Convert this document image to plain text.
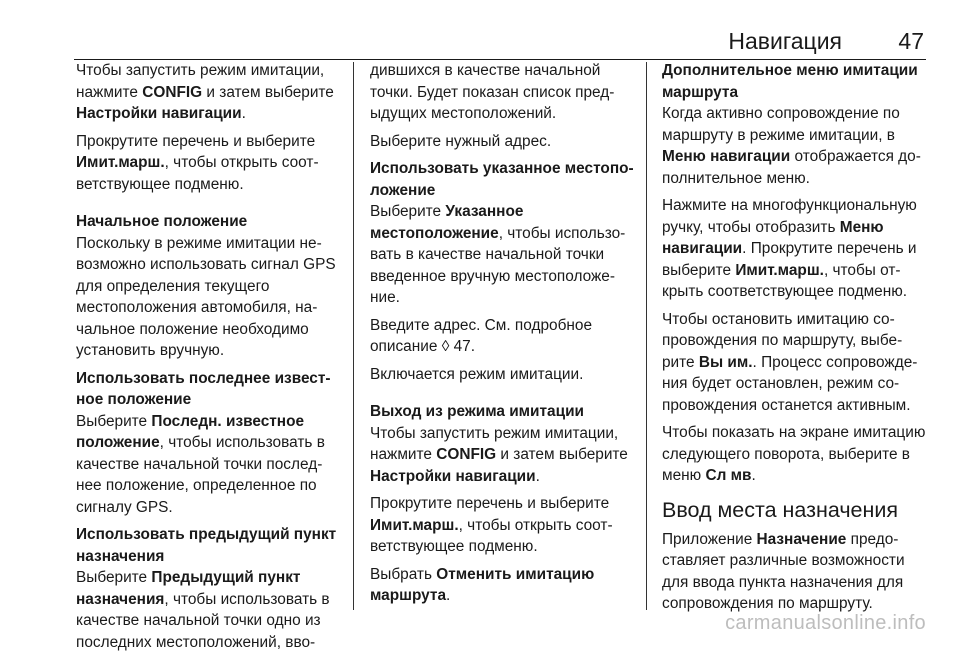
Навигация 47

Чтобы запустить режим имитации, нажмите CONFIG и затем выберите Настройки навигации.

Прокрутите перечень и выберите Имит.марш., чтобы открыть соответствующее подменю.

Начальное положение

Поскольку в режиме имитации невозможно использовать сигнал GPS для определения текущего местоположения автомобиля, начальное положение необходимо установить вручную.

Использовать последнее известное положение

Выберите Последн. известное положение, чтобы использовать в качестве начальной точки последнее положение, определенное по сигналу GPS.

Использовать предыдущий пункт назначения

Выберите Предыдущий пункт назначения, чтобы использовать в качестве начальной точки одно из последних местоположений, вво-

дившихся в качестве начальной точки. Будет показан список предыдущих местоположений.

Выберите нужный адрес.

Использовать указанное местоположение

Выберите Указанное местоположение, чтобы использовать в качестве начальной точки введенное вручную местоположение.

Введите адрес. См. подробное описание ◊ 47.

Включается режим имитации.

Выход из режима имитации

Чтобы запустить режим имитации, нажмите CONFIG и затем выберите Настройки навигации.

Прокрутите перечень и выберите Имит.марш., чтобы открыть соответствующее подменю.

Выбрать Отменить имитацию маршрута.

Дополнительное меню имитации маршрута

Когда активно сопровождение по маршруту в режиме имитации, в Меню навигации отображается дополнительное меню.

Нажмите на многофункциональную ручку, чтобы отобразить Меню навигации. Прокрутите перечень и выберите Имит.марш., чтобы открыть соответствующее подменю.

Чтобы остановить имитацию сопровождения по маршруту, выберите Вы им.. Процесс сопровождения будет остановлен, режим сопровождения останется активным.

Чтобы показать на экране имитацию следующего поворота, выберите в меню Сл мв.

Ввод места назначения

Приложение Назначение предоставляет различные возможности для ввода пункта назначения для сопровождения по маршруту.

carmanualsonline.info
